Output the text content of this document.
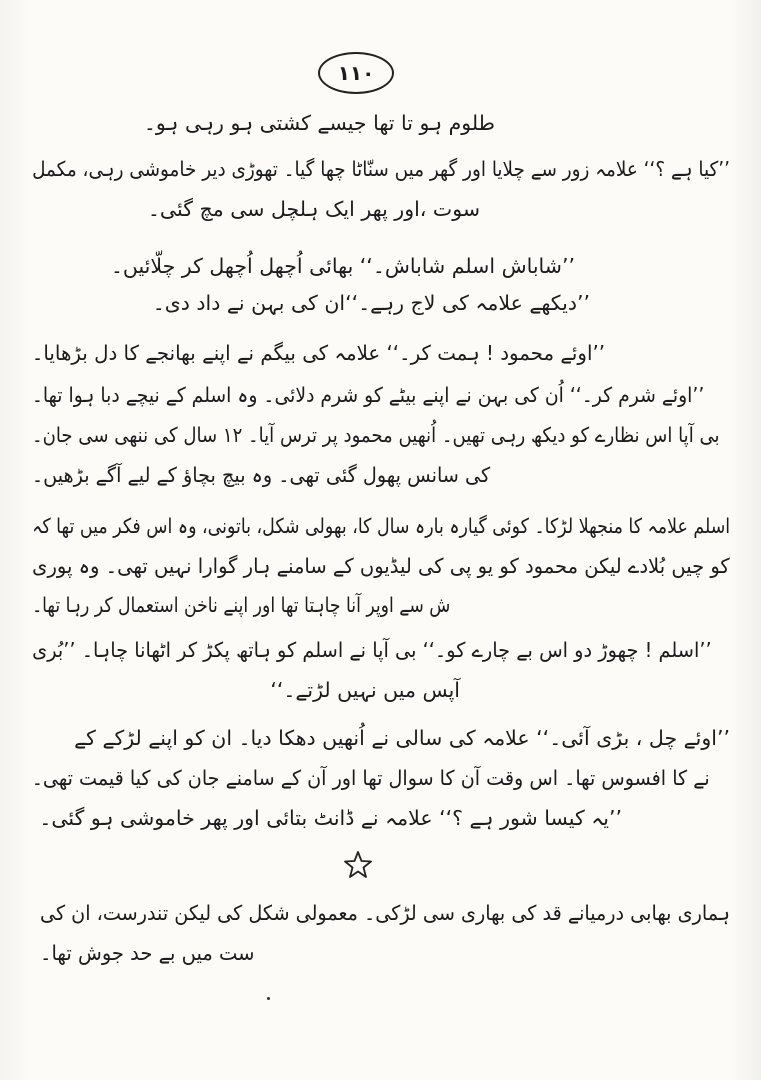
۱۱۰
طلوم ہو تا تھا جیسے کشتی ہو رہی ہو۔
’’کیا ہے ؟‘‘ علامہ زور سے چلایا اور گھر میں سنّاٹا چھا گیا۔ تھوڑی دیر خاموشی رہی، مکمل
سوت ،اور پھر ایک ہلچل سی مچ گئی۔
’’شاباش اسلم شاباش۔‘‘ بھائی اُچھل اُچھل کر چلّائیں۔
’’دیکھے علامہ کی لاج رہے۔‘‘ان کی بہن نے داد دی۔
’’اوئے محمود ! ہمت کر۔‘‘ علامہ کی بیگم نے اپنے بھانجے کا دل بڑھایا۔
’’اوئے شرم کر۔‘‘ اُن کی بہن نے اپنے بیٹے کو شرم دلائی۔ وہ اسلم کے نیچے دبا ہوا تھا۔
بی آپا اس نظارے کو دیکھ رہی تھیں۔ اُنھیں محمود پر ترس آیا۔ ۱۲ سال کی ننھی سی جان۔
کی سانس پھول گئی تھی۔ وہ بیچ بچاؤ کے لیے آگے بڑھیں۔
اسلم علامہ کا منجھلا لڑکا۔ کوئی گیارہ بارہ سال کا، بھولی شکل، باتونی، وہ اس فکر میں تھا کہ
کو چیں بُلادے لیکن محمود کو یو پی کی لیڈیوں کے سامنے ہار گوارا نہیں تھی۔ وہ پوری
ش سے اوپر آنا چاہتا تھا اور اپنے ناخن استعمال کر رہا تھا۔
’’اسلم ! چھوڑ دو اس بے چارے کو۔‘‘ بی آپا نے اسلم کو ہاتھ پکڑ کر اٹھانا چاہا۔ ’’بُری
آپس میں نہیں لڑتے۔‘‘
’’اوئے چل ، بڑی آئی۔‘‘ علامہ کی سالی نے اُنھیں دھکا دیا۔ ان کو اپنے لڑکے کے
نے کا افسوس تھا۔ اس وقت آن کا سوال تھا اور آن کے سامنے جان کی کیا قیمت تھی۔
’’یہ کیسا شور ہے ؟‘‘ علامہ نے ڈانٹ بتائی اور پھر خاموشی ہو گئی۔
ہماری بھابی درمیانے قد کی بھاری سی لڑکی۔ معمولی شکل کی لیکن تندرست، ان کی
ست میں بے حد جوش تھا۔
